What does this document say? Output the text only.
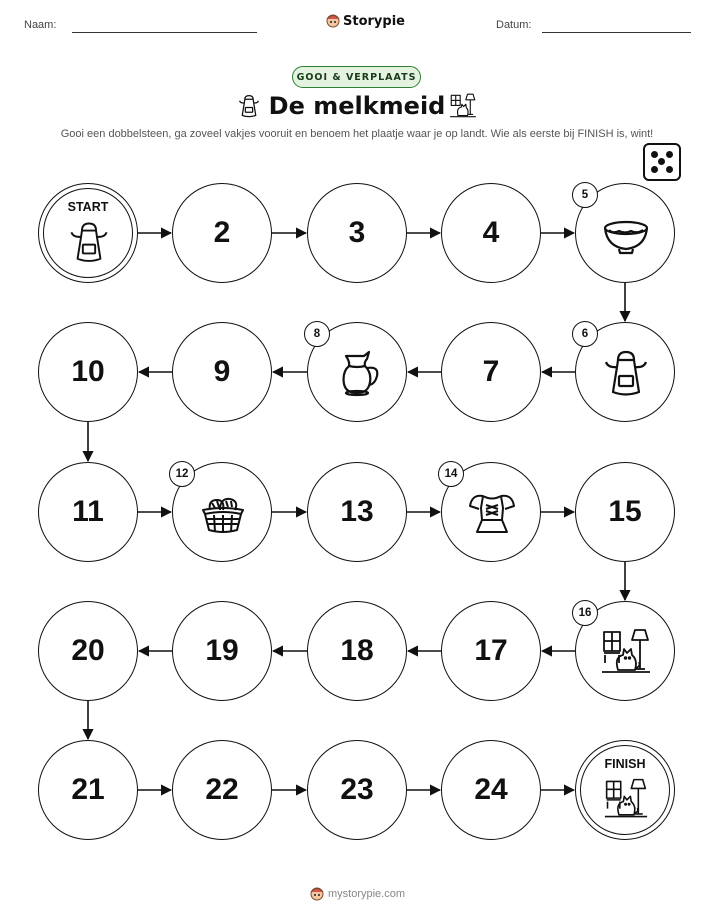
Naam:	Storypie	Datum:
GOOI & VERPLAATS
De melkmeid
Gooi een dobbelsteen, ga zoveel vakjes vooruit en benoem het plaatje waar je op landt. Wie als eerste bij FINISH is, wint!
START
2	3	4
5
6
7
8
9
10
11
12
13
14
15
16
17
18
19
20
21	22	23	24
FINISH
mystorypie.com
